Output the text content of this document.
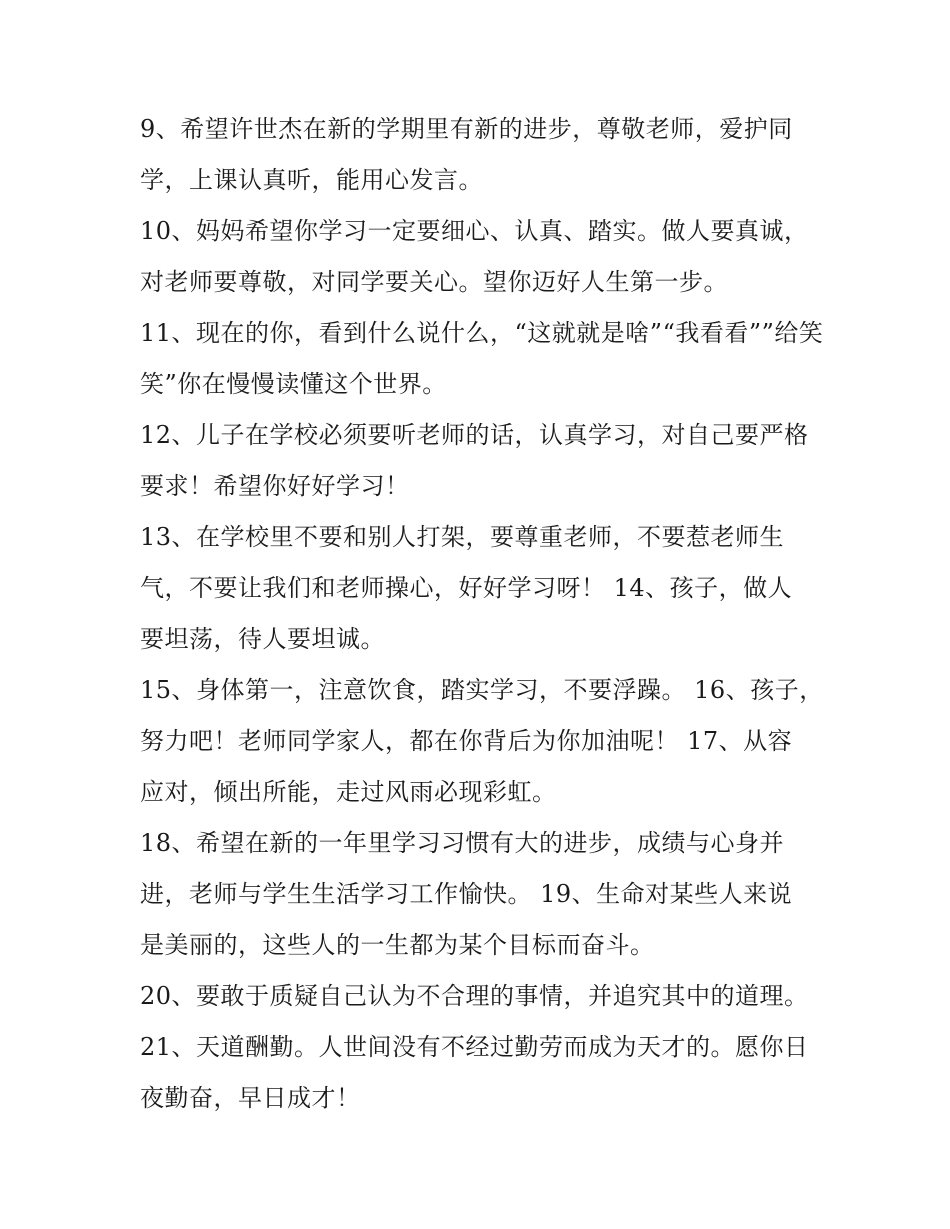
9、希望许世杰在新的学期里有新的进步，尊敬老师，爱护同
学，上课认真听，能用心发言。
10、妈妈希望你学习一定要细心、认真、踏实。做人要真诚，
对老师要尊敬，对同学要关心。望你迈好人生第一步。
11、现在的你，看到什么说什么，“这就就是啥”“我看看””给笑
笑”你在慢慢读懂这个世界。
12、儿子在学校必须要听老师的话，认真学习，对自己要严格
要求！希望你好好学习！
13、在学校里不要和别人打架，要尊重老师，不要惹老师生
气，不要让我们和老师操心，好好学习呀！ 14、孩子，做人
要坦荡，待人要坦诚。
15、身体第一，注意饮食，踏实学习，不要浮躁。 16、孩子，
努力吧！老师同学家人，都在你背后为你加油呢！ 17、从容
应对，倾出所能，走过风雨必现彩虹。
18、希望在新的一年里学习习惯有大的进步，成绩与心身并
进，老师与学生生活学习工作愉快。 19、生命对某些人来说
是美丽的，这些人的一生都为某个目标而奋斗。
20、要敢于质疑自己认为不合理的事情，并追究其中的道理。
21、天道酬勤。人世间没有不经过勤劳而成为天才的。愿你日
夜勤奋，早日成才！
